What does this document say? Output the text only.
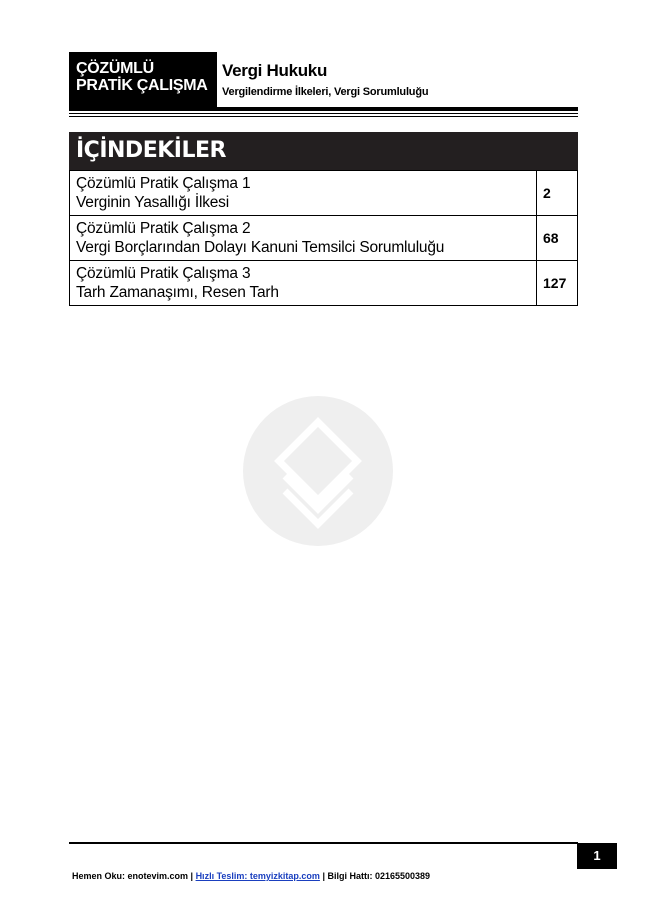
ÇÖZÜMLÜ
PRATİK ÇALIŞMA
Vergi Hukuku
Vergilendirme İlkeleri, Vergi Sorumluluğu
İÇİNDEKİLER
Çözümlü Pratik Çalışma 1
Verginin Yasallığı İlkesi	2

Çözümlü Pratik Çalışma 2
Vergi Borçlarından Dolayı Kanuni Temsilci Sorumluluğu	68

Çözümlü Pratik Çalışma 3
Tarh Zamanaşımı, Resen Tarh	127
1
Hemen Oku: enotevim.com | Hızlı Teslim: temyizkitap.com | Bilgi Hattı: 02165500389
